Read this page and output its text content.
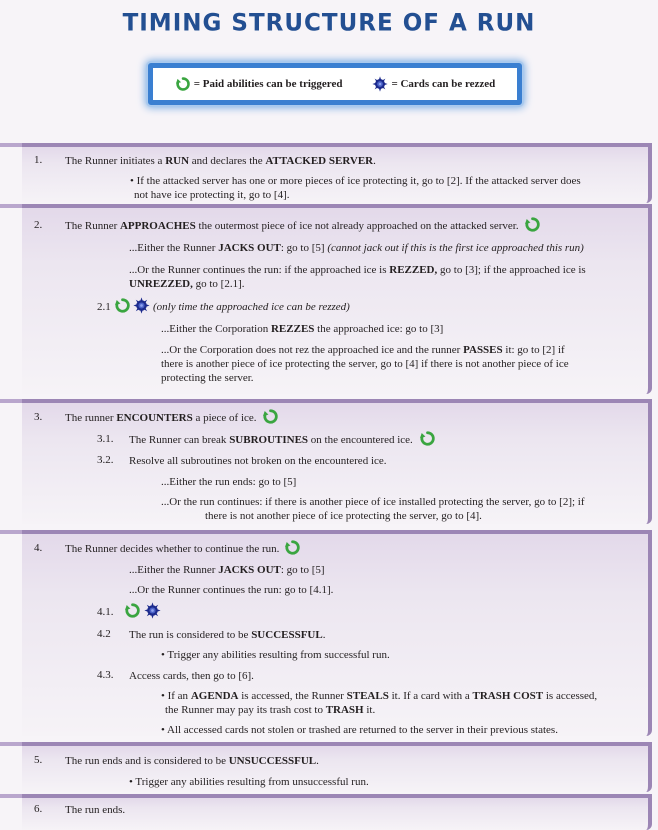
TIMING STRUCTURE OF A RUN
= Paid abilities can be triggered	= Cards can be rezzed
1. The Runner initiates a RUN and declares the ATTACKED SERVER.
• If the attacked server has one or more pieces of ice protecting it, go to [2]. If the attacked server does
not have ice protecting it, go to [4].
2. The Runner APPROACHES the outermost piece of ice not already approached on the attacked server.
...Either the Runner JACKS OUT: go to [5] (cannot jack out if this is the first ice approached this run)
...Or the Runner continues the run: if the approached ice is REZZED, go to [3]; if the approached ice is
UNREZZED, go to [2.1].
2.1	(only time the approached ice can be rezzed)
...Either the Corporation REZZES the approached ice: go to [3]
...Or the Corporation does not rez the approached ice and the runner PASSES it: go to [2] if
there is another piece of ice protecting the server, go to [4] if there is not another piece of ice
protecting the server.
3. The runner ENCOUNTERS a piece of ice.
3.1. The Runner can break SUBROUTINES on the encountered ice.
3.2. Resolve all subroutines not broken on the encountered ice.
...Either the run ends: go to [5]
...Or the run continues: if there is another piece of ice installed protecting the server, go to [2]; if
there is not another piece of ice protecting the server, go to [4].
4. The Runner decides whether to continue the run.
...Either the Runner JACKS OUT: go to [5]
...Or the Runner continues the run: go to [4.1].
4.1.
4.2 The run is considered to be SUCCESSFUL.
• Trigger any abilities resulting from successful run.
4.3. Access cards, then go to [6].
• If an AGENDA is accessed, the Runner STEALS it. If a card with a TRASH COST is accessed,
the Runner may pay its trash cost to TRASH it.
• All accessed cards not stolen or trashed are returned to the server in their previous states.
5. The run ends and is considered to be UNSUCCESSFUL.
• Trigger any abilities resulting from unsuccessful run.
6. The run ends.
